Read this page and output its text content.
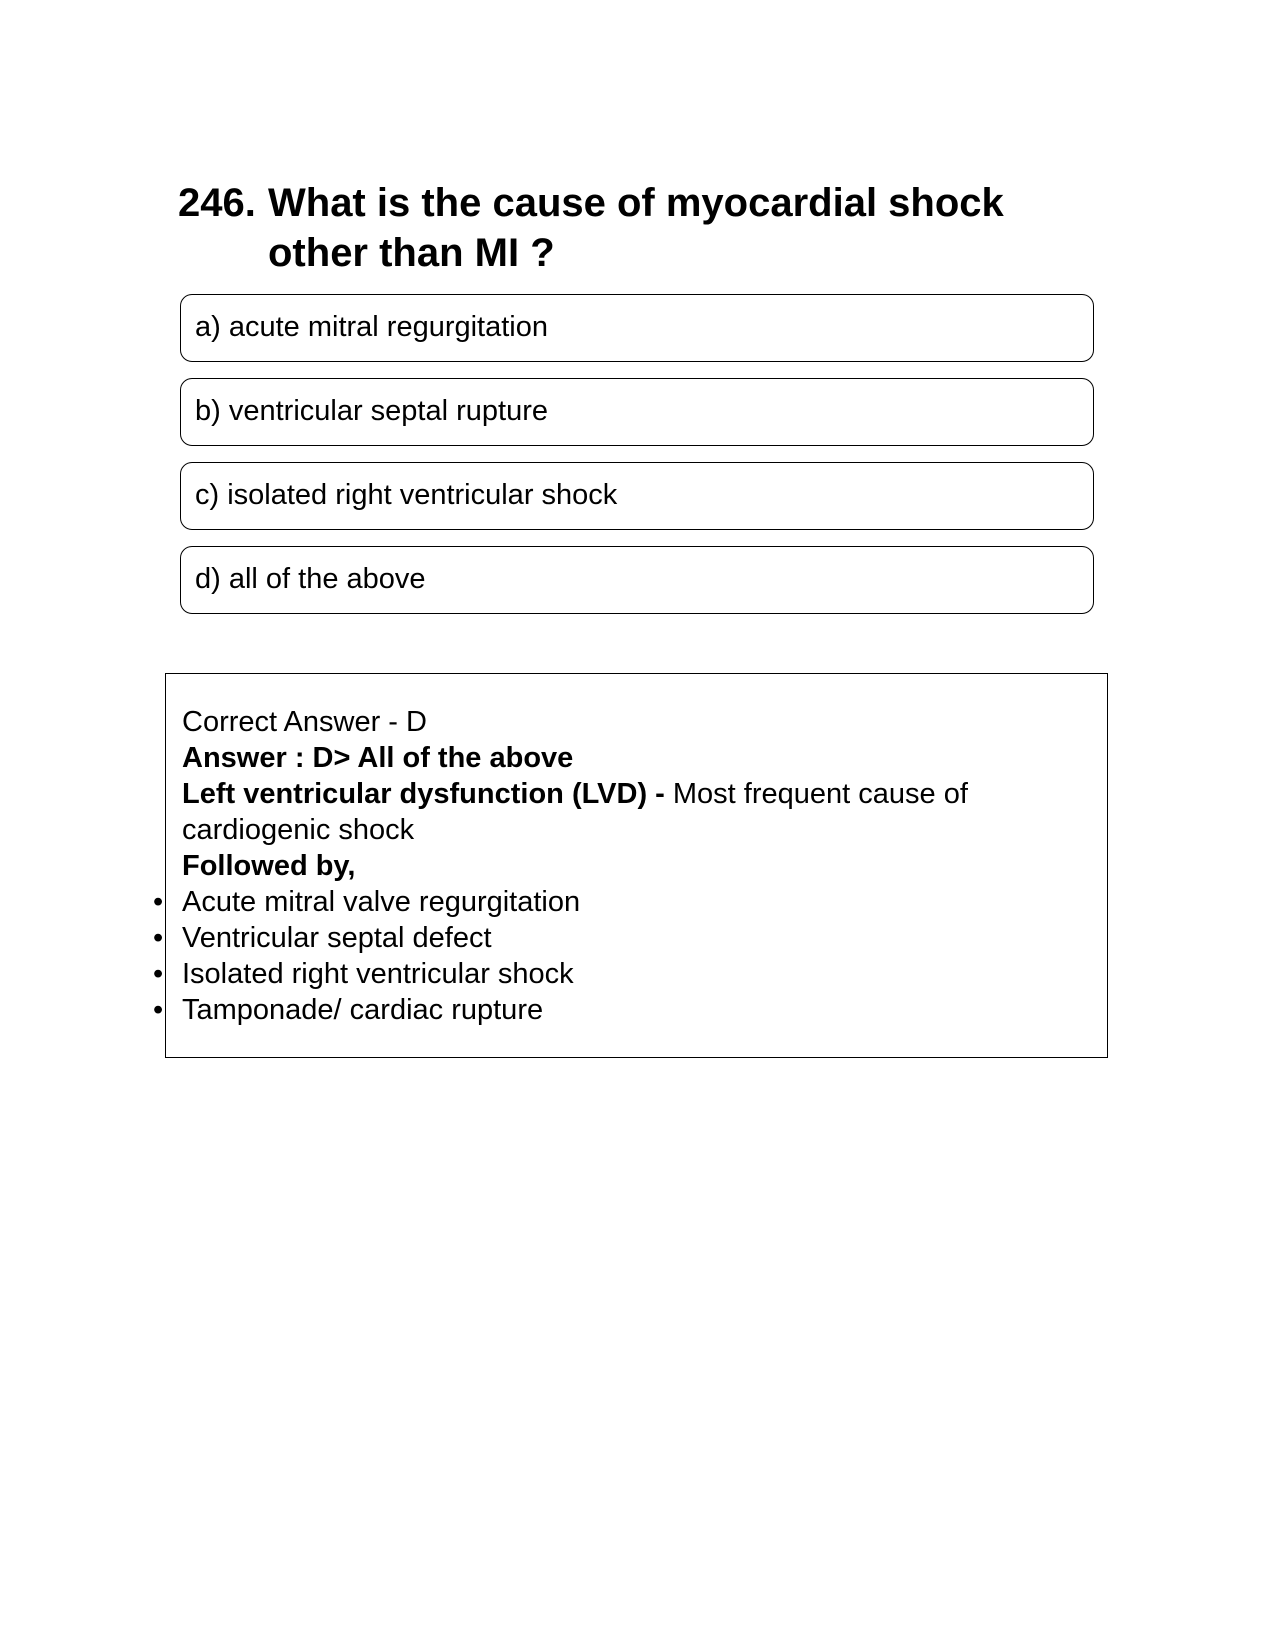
246. What is the cause of myocardial shock other than MI ?
a) acute mitral regurgitation
b) ventricular septal rupture
c) isolated right ventricular shock
d) all of the above

Correct Answer - D

Answer : D> All of the above

Left ventricular dysfunction (LVD) - Most frequent cause of cardiogenic shock

Followed by,

• Acute mitral valve regurgitation
• Ventricular septal defect
• Isolated right ventricular shock
• Tamponade/ cardiac rupture
